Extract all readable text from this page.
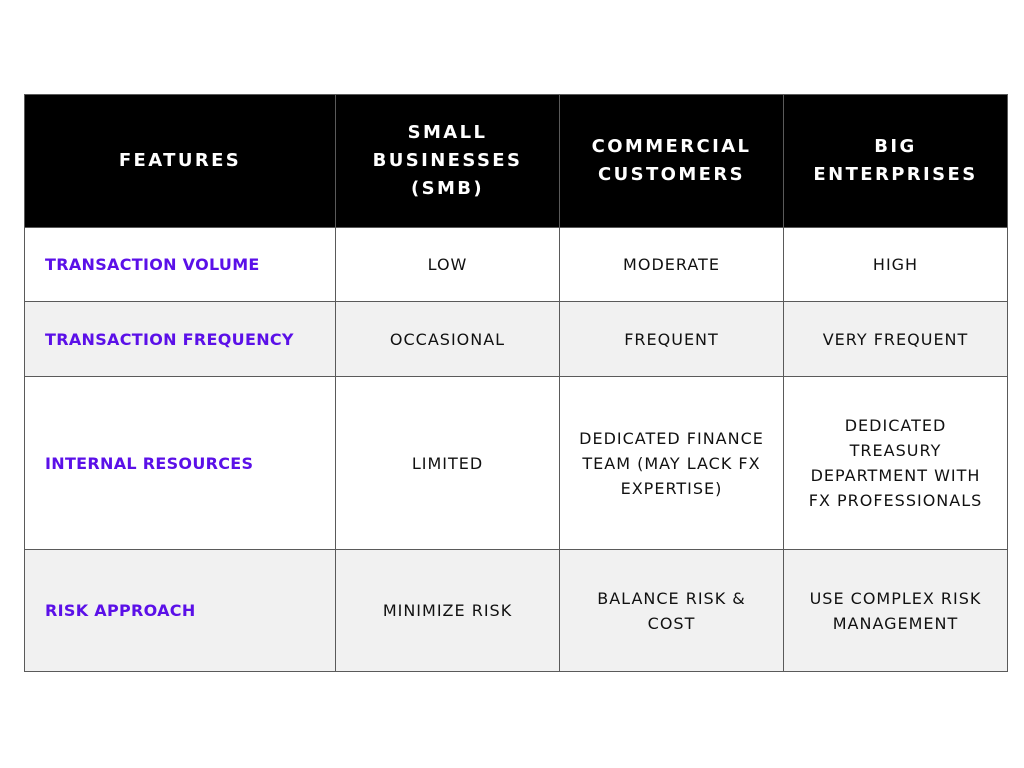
FEATURES	SMALL BUSINESSES (SMB)	COMMERCIAL CUSTOMERS	BIG ENTERPRISES

TRANSACTION VOLUME	LOW	MODERATE	HIGH

TRANSACTION FREQUENCY	OCCASIONAL	FREQUENT	VERY FREQUENT

INTERNAL RESOURCES	LIMITED	DEDICATED FINANCE TEAM (MAY LACK FX EXPERTISE)	DEDICATED TREASURY DEPARTMENT WITH FX PROFESSIONALS

RISK APPROACH	MINIMIZE RISK	BALANCE RISK & COST	USE COMPLEX RISK MANAGEMENT
